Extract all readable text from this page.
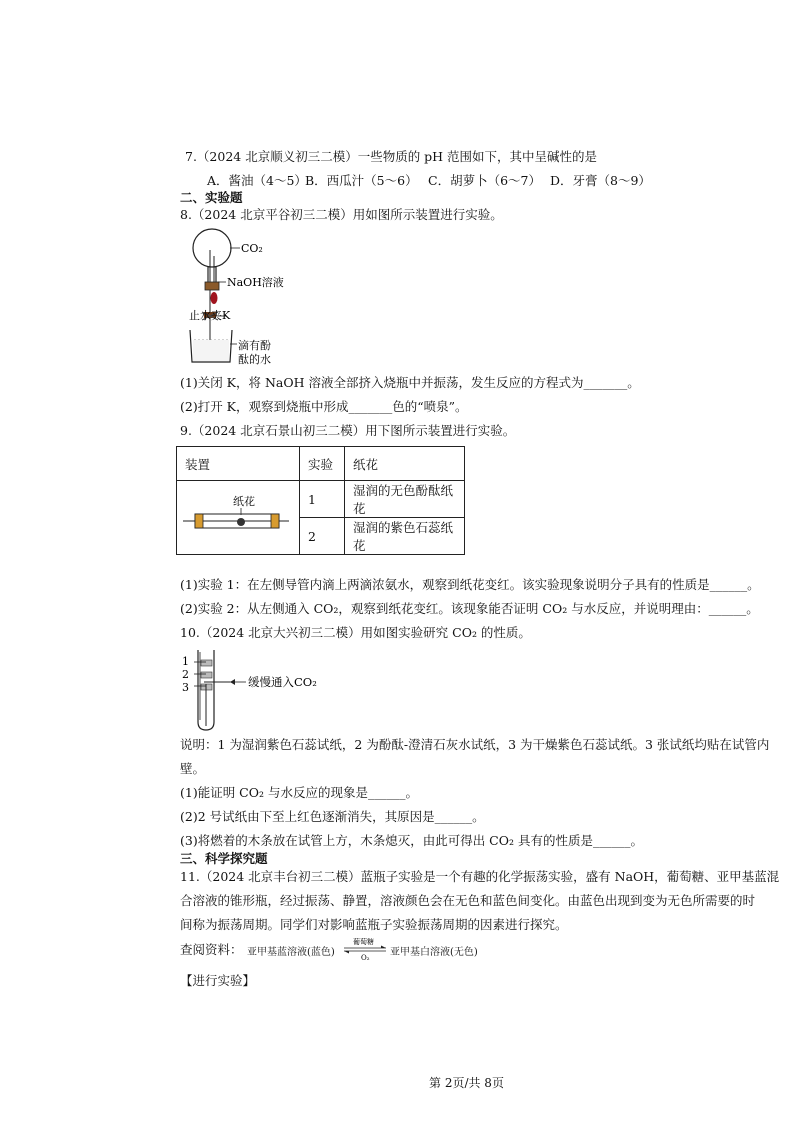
7.（2024 北京顺义初三二模）一些物质的 pH 范围如下，其中呈碱性的是
A．酱油（4～5）
B．西瓜汁（5～6） C．胡萝卜（6～7） D．牙膏（8～9）
二、实验题
8.（2024 北京平谷初三二模）用如图所示装置进行实验。
CO₂
NaOH溶液
止水夹K
滴有酚
酞的水
(1)关闭 K，将 NaOH 溶液全部挤入烧瓶中并振荡，发生反应的方程式为_______。
(2)打开 K，观察到烧瓶中形成_______色的“喷泉”。
9.（2024 北京石景山初三二模）用下图所示装置进行实验。
装置	实验	纸花

纸花	1	湿润的无色酚酞纸花
	2	湿润的紫色石蕊纸花
(1)实验 1：在左侧导管内滴上两滴浓氨水，观察到纸花变红。该实验现象说明分子具有的性质是______。
(2)实验 2：从左侧通入 CO₂，观察到纸花变红。该现象能否证明 CO₂ 与水反应，并说明理由：______。
10.（2024 北京大兴初三二模）用如图实验研究 CO₂ 的性质。
1
2
3	缓慢通入CO₂
说明：1 为湿润紫色石蕊试纸，2 为酚酞-澄清石灰水试纸，3 为干燥紫色石蕊试纸。3 张试纸均贴在试管内
壁。
(1)能证明 CO₂ 与水反应的现象是______。
(2)2 号试纸由下至上红色逐渐消失，其原因是______。
(3)将燃着的木条放在试管上方，木条熄灭，由此可得出 CO₂ 具有的性质是______。
三、科学探究题
11.（2024 北京丰台初三二模）蓝瓶子实验是一个有趣的化学振荡实验，盛有 NaOH，葡萄糖、亚甲基蓝混
合溶液的锥形瓶，经过振荡、静置，溶液颜色会在无色和蓝色间变化。由蓝色出现到变为无色所需要的时
间称为振荡周期。同学们对影响蓝瓶子实验振荡周期的因素进行探究。
查阅资料： 亚甲基蓝溶液(蓝色)
葡萄糖
O₂ 亚甲基白溶液(无色)
【进行实验】
第 2页/共 8页
